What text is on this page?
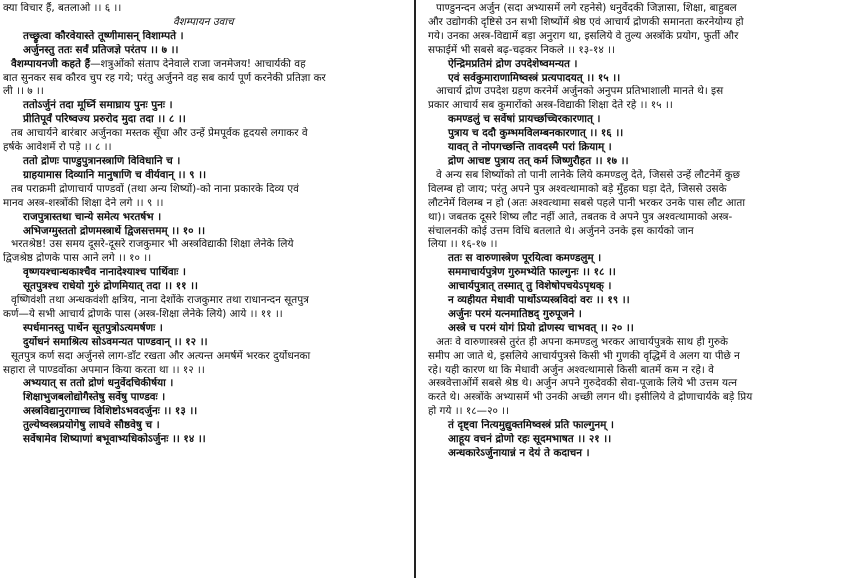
क्या विचार हैं, बतलाओ ।। ६ ।।
वैशम्पायन उवाच
तच्छ्रुत्वा कौरवेयास्ते तूष्णीमासन् विशाम्पते ।
अर्जुनस्तु ततः सर्वं प्रतिजज्ञे परंतप ।। ७ ।।
वैशम्पायनजी कहते हैं—शत्रुओंको संताप देनेवाले राजा जनमेजय! आचार्यकी वह
बात सुनकर सब कौरव चुप रह गये; परंतु अर्जुनने वह सब कार्य पूर्ण करनेकी प्रतिज्ञा कर
ली ।। ७ ।।
ततोऽर्जुनं तदा मूर्ध्नि समाघ्राय पुनः पुनः ।
प्रीतिपूर्वं परिष्वज्य प्ररुरोद मुदा तदा ।। ८ ।।
तब आचार्यने बारंबार अर्जुनका मस्तक सूँघा और उन्हें प्रेमपूर्वक हृदयसे लगाकर वे
हर्षके आवेशमें रो पड़े ।। ८ ।।
ततो द्रोणः पाण्डुपुत्रानस्त्राणि विविधानि च ।
ग्राहयामास दिव्यानि मानुषाणि च वीर्यवान् ।। ९ ।।
तब पराक्रमी द्रोणाचार्य पाण्डवों (तथा अन्य शिष्यों)-को नाना प्रकारके दिव्य एवं
मानव अस्त्र-शस्त्रोंकी शिक्षा देने लगे ।। ९ ।।
राजपुत्रास्तथा चान्ये समेत्य भरतर्षभ ।
अभिजग्मुस्ततो द्रोणमस्त्रार्थे द्विजसत्तमम् ।। १० ।।
भरतश्रेष्ठ! उस समय दूसरे-दूसरे राजकुमार भी अस्त्रविद्याकी शिक्षा लेनेके लिये
द्विजश्रेष्ठ द्रोणके पास आने लगे ।। १० ।।
वृष्णयश्चान्धकाश्चैव नानादेश्याश्च पार्थिवाः ।
सूतपुत्रश्च राधेयो गुरुं द्रोणमियात् तदा ।। ११ ।।
वृष्णिवंशी तथा अन्धकवंशी क्षत्रिय, नाना देशोंके राजकुमार तथा राधानन्दन सूतपुत्र
कर्ण—ये सभी आचार्य द्रोणके पास (अस्त्र-शिक्षा लेनेके लिये) आये ।। ११ ।।
स्पर्धमानस्तु पार्थेन सूतपुत्रोऽत्यमर्षणः ।
दुर्योधनं समाश्रित्य सोऽवमन्यत पाण्डवान् ।। १२ ।।
सूतपुत्र कर्ण सदा अर्जुनसे लाग-डाँट रखता और अत्यन्त अमर्षमें भरकर दुर्योधनका
सहारा ले पाण्डवोंका अपमान किया करता था ।। १२ ।।
अभ्ययात् स ततो द्रोणं धनुर्वेदचिकीर्षया ।
शिक्षाभुजबलोद्योगैस्तेषु सर्वेषु पाण्डवः ।
अस्त्रविद्यानुरागाच्च विशिष्टोऽभवदर्जुनः ।। १३ ।।
तुल्येष्वस्त्रप्रयोगेषु लाघवे सौष्ठवेषु च ।
सर्वेषामेव शिष्याणां बभूवाभ्यधिकोऽर्जुनः ।। १४ ।।
पाण्डुनन्दन अर्जुन (सदा अभ्यासमें लगे रहनेसे) धनुर्वेदकी जिज्ञासा, शिक्षा, बाहुबल
और उद्योगकी दृष्टिसे उन सभी शिष्योंमें श्रेष्ठ एवं आचार्य द्रोणकी समानता करनेयोग्य हो
गये। उनका अस्त्र-विद्यामें बड़ा अनुराग था, इसलिये वे तुल्य अस्त्रोंके प्रयोग, फुर्ती और
सफाईमें भी सबसे बढ़-चढ़कर निकले ।। १३-१४ ।।
ऐन्द्रिमप्रतिमं द्रोण उपदेशेष्वमन्यत ।
एवं सर्वकुमाराणामिष्वस्त्रं प्रत्यपादयत् ।। १५ ।।
आचार्य द्रोण उपदेश ग्रहण करनेमें अर्जुनको अनुपम प्रतिभाशाली मानते थे। इस
प्रकार आचार्य सब कुमारोंको अस्त्र-विद्याकी शिक्षा देते रहे ।। १५ ।।
कमण्डलुं च सर्वेषां प्रायच्छच्चिरकारणात् ।
पुत्राय च ददौ कुम्भमविलम्बनकारणात् ।। १६ ।।
यावत् ते नोपगच्छन्ति तावदस्मै परां क्रियाम् ।
द्रोण आचष्ट पुत्राय तत् कर्म जिष्णुरौहत ।। १७ ।।
वे अन्य सब शिष्योंको तो पानी लानेके लिये कमण्डलु देते, जिससे उन्हें लौटनेमें कुछ
विलम्ब हो जाय; परंतु अपने पुत्र अश्वत्थामाको बड़े मुँहका घड़ा देते, जिससे उसके
लौटनेमें विलम्ब न हो (अतः अश्वत्थामा सबसे पहले पानी भरकर उनके पास लौट आता
था)। जबतक दूसरे शिष्य लौट नहीं आते, तबतक वे अपने पुत्र अश्वत्थामाको अस्त्र-
संचालनकी कोई उत्तम विधि बतलाते थे। अर्जुनने उनके इस कार्यको जान
लिया ।। १६-१७ ।।
ततः स वारुणास्त्रेण पूरयित्वा कमण्डलुम् ।
सममाचार्यपुत्रेण गुरुमभ्येति फाल्गुनः ।। १८ ।।
आचार्यपुत्रात् तस्मात् तु विशेषोपचयेऽपृथक् ।
न व्यहीयत मेधावी पार्थोऽप्यस्त्रविदां वरः ।। १९ ।।
अर्जुनः परमं यत्नमातिष्ठद् गुरुपूजने ।
अस्त्रे च परमं योगं प्रियो द्रोणस्य चाभवत् ।। २० ।।
अतः वे वारुणास्त्रसे तुरंत ही अपना कमण्डलु भरकर आचार्यपुत्रके साथ ही गुरुके
समीप आ जाते थे, इसलिये आचार्यपुत्रसे किसी भी गुणकी वृद्धिमें वे अलग या पीछे न
रहे। यही कारण था कि मेधावी अर्जुन अश्वत्थामासे किसी बातमें कम न रहे। वे
अस्त्रवेत्ताओंमें सबसे श्रेष्ठ थे। अर्जुन अपने गुरुदेवकी सेवा-पूजाके लिये भी उत्तम यत्न
करते थे। अस्त्रोंके अभ्यासमें भी उनकी अच्छी लगन थी। इसीलिये वे द्रोणाचार्यके बड़े प्रिय
हो गये ।। १८—२० ।।
तं दृष्ट्वा नित्यमुद्युक्तमिष्वस्त्रं प्रति फाल्गुनम् ।
आहूय वचनं द्रोणो रहः सूदमभाषत ।। २१ ।।
अन्धकारेऽर्जुनायान्नं न देयं ते कदाचन ।
